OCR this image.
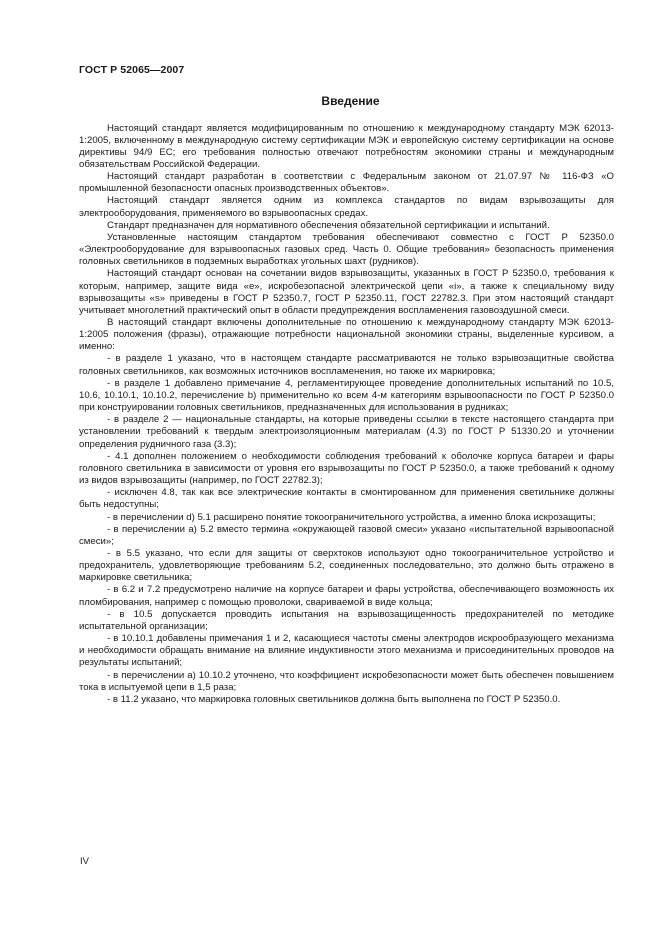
ГОСТ Р 52065—2007
Введение

Настоящий стандарт является модифицированным по отношению к международному стандарту МЭК 62013-1:2005, включенному в международную систему сертификации МЭК и европейскую систему сертификации на основе директивы 94/9 ЕС; его требования полностью отвечают потребностям экономики страны и международным обязательствам Российской Федерации.

Настоящий стандарт разработан в соответствии с Федеральным законом от 21.07.97 № 116-ФЗ «О промышленной безопасности опасных производственных объектов».

Настоящий стандарт является одним из комплекса стандартов по видам взрывозащиты для электрооборудования, применяемого во взрывоопасных средах.

Стандарт предназначен для нормативного обеспечения обязательной сертификации и испытаний.

Установленные настоящим стандартом требования обеспечивают совместно с ГОСТ Р 52350.0 «Электрооборудование для взрывоопасных газовых сред. Часть 0. Общие требования» безопасность применения головных светильников в подземных выработках угольных шахт (рудников).

Настоящий стандарт основан на сочетании видов взрывозащиты, указанных в ГОСТ Р 52350.0, требования к которым, например, защите вида «е», искробезопасной электрической цепи «i», а также к специальному виду взрывозащиты «s» приведены в ГОСТ Р 52350.7, ГОСТ Р 52350.11, ГОСТ 22782.3. При этом настоящий стандарт учитывает многолетний практический опыт в области предупреждения воспламенения газовоздушной смеси.

В настоящий стандарт включены дополнительные по отношению к международному стандарту МЭК 62013-1:2005 положения (фразы), отражающие потребности национальной экономики страны, выделенные курсивом, а именно:

- в разделе 1 указано, что в настоящем стандарте рассматриваются не только взрывозащитные свойства головных светильников, как возможных источников воспламенения, но также их маркировка;

- в разделе 1 добавлено примечание 4, регламентирующее проведение дополнительных испытаний по 10.5, 10.6, 10.10.1, 10.10.2, перечисление b) применительно ко всем 4-м категориям взрывоопасности по ГОСТ Р 52350.0 при конструировании головных светильников, предназначенных для использования в рудниках;

- в разделе 2 — национальные стандарты, на которые приведены ссылки в тексте настоящего стандарта при установлении требований к твердым электроизоляционным материалам (4.3) по ГОСТ Р 51330.20 и уточнении определения рудничного газа (3.3);

- 4.1 дополнен положением о необходимости соблюдения требований к оболочке корпуса батареи и фары головного светильника в зависимости от уровня его взрывозащиты по ГОСТ Р 52350.0, а также требований к одному из видов взрывозащиты (например, по ГОСТ 22782.3);

- исключен 4.8, так как все электрические контакты в смонтированном для применения светильнике должны быть недоступны;

- в перечислении d) 5.1 расширено понятие токоограничительного устройства, а именно блока искрозащиты;

- в перечислении а) 5.2 вместо термина «окружающей газовой смеси» указано «испытательной взрывоопасной смеси»;

- в 5.5 указано, что если для защиты от сверхтоков используют одно токоограничительное устройство и предохранитель, удовлетворяющие требованиям 5.2, соединенных последовательно, это должно быть отражено в маркировке светильника;

- в 6.2 и 7.2 предусмотрено наличие на корпусе батареи и фары устройства, обеспечивающего возможность их пломбирования, например с помощью проволоки, свариваемой в виде кольца;

- в 10.5 допускается проводить испытания на взрывозащищенность предохранителей по методике испытательной организации;

- в 10.10.1 добавлены примечания 1 и 2, касающиеся частоты смены электродов искрообразующего механизма и необходимости обращать внимание на влияние индуктивности этого механизма и присоединительных проводов на результаты испытаний;

- в перечислении а) 10.10.2 уточнено, что коэффициент искробезопасности может быть обеспечен повышением тока в испытуемой цепи в 1,5 раза;

- в 11.2 указано, что маркировка головных светильников должна быть выполнена по ГОСТ Р 52350.0.

IV
